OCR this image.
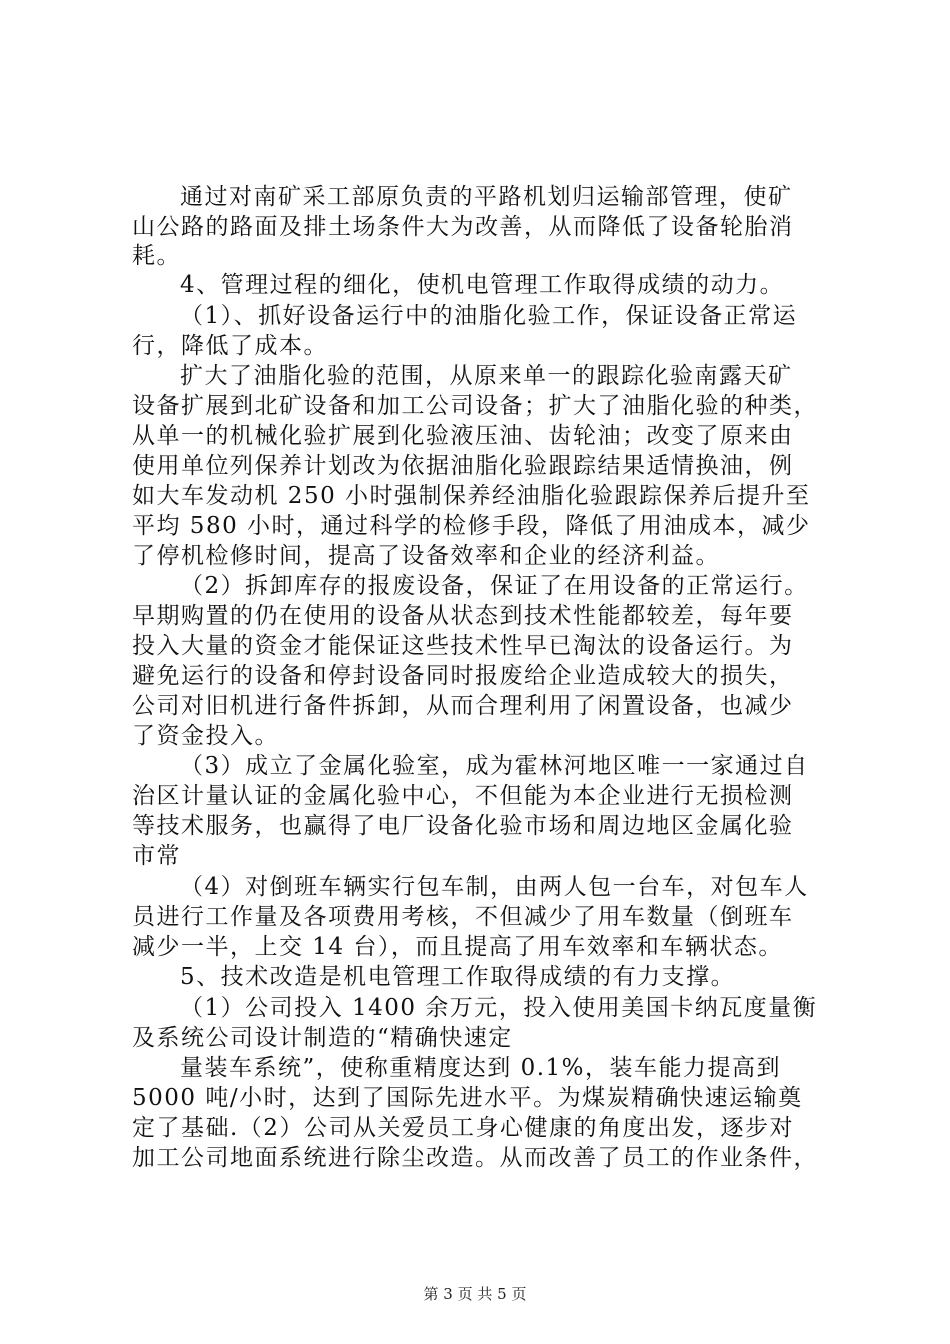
通过对南矿采工部原负责的平路机划归运输部管理，使矿
山公路的路面及排土场条件大为改善，从而降低了设备轮胎消
耗。
4、管理过程的细化，使机电管理工作取得成绩的动力。
（1）、抓好设备运行中的油脂化验工作，保证设备正常运
行，降低了成本。
扩大了油脂化验的范围，从原来单一的跟踪化验南露天矿
设备扩展到北矿设备和加工公司设备；扩大了油脂化验的种类，
从单一的机械化验扩展到化验液压油、齿轮油；改变了原来由
使用单位列保养计划改为依据油脂化验跟踪结果适情换油，例
如大车发动机 250 小时强制保养经油脂化验跟踪保养后提升至
平均 580 小时，通过科学的检修手段，降低了用油成本，减少
了停机检修时间，提高了设备效率和企业的经济利益。
（2）拆卸库存的报废设备，保证了在用设备的正常运行。
早期购置的仍在使用的设备从状态到技术性能都较差，每年要
投入大量的资金才能保证这些技术性早已淘汰的设备运行。为
避免运行的设备和停封设备同时报废给企业造成较大的损失，
公司对旧机进行备件拆卸，从而合理利用了闲置设备，也减少
了资金投入。
（3）成立了金属化验室，成为霍林河地区唯一一家通过自
治区计量认证的金属化验中心，不但能为本企业进行无损检测
等技术服务，也赢得了电厂设备化验市场和周边地区金属化验
市常
（4）对倒班车辆实行包车制，由两人包一台车，对包车人
员进行工作量及各项费用考核，不但减少了用车数量（倒班车
减少一半，上交 14 台），而且提高了用车效率和车辆状态。
5、技术改造是机电管理工作取得成绩的有力支撑。
（1）公司投入 1400 余万元，投入使用美国卡纳瓦度量衡
及系统公司设计制造的“精确快速定
量装车系统”，使称重精度达到 0.1%，装车能力提高到
5000 吨/小时，达到了国际先进水平。为煤炭精确快速运输奠
定了基础.（2）公司从关爱员工身心健康的角度出发，逐步对
加工公司地面系统进行除尘改造。从而改善了员工的作业条件，
第 3 页 共 5 页
